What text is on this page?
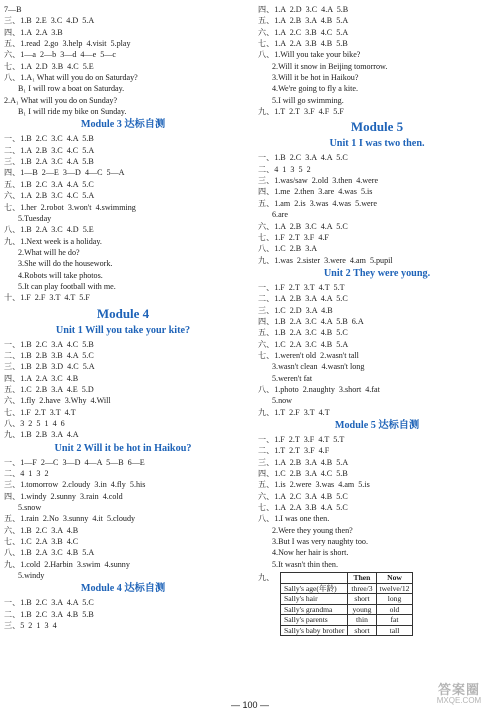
7—B
三、1.B  2.E  3.C  4.D  5.A
四、1.A  2.A  3.B
五、1.read  2.go  3.help  4.visit  5.play
六、1—a  2—b  3—d  4—e  5—c
七、1.A  2.D  3.B  4.C  5.E
八、1.A₁ What will you do on Saturday?
B₁ I will row a boat on Saturday.
2.A₁ What will you do on Sunday?
B₁ I will ride my bike on Sunday.
Module 3 达标自测
一、1.B  2.C  3.C  4.A  5.B
二、1.A  2.B  3.C  4.C  5.A
三、1.B  2.A  3.C  4.A  5.B
四、1—B  2—E  3—D  4—C  5—A
五、1.B  2.C  3.A  4.A  5.C
六、1.A  2.B  3.C  4.C  5.A
七、1.her  2.robot  3.won't  4.swimming
5.Tuesday
八、1.B  2.A  3.C  4.D  5.E
九、1.Next week is a holiday.
2.What will he do?
3.She will do the housework.
4.Robots will take photos.
5.It can play football with me.
十、1.F  2.F  3.T  4.T  5.F
Module 4
Unit 1 Will you take your kite?
一、1.B  2.C  3.A  4.C  5.B
二、1.B  2.B  3.B  4.A  5.C
三、1.B  2.B  3.D  4.C  5.A
四、1.A  2.A  3.C  4.B
五、1.C  2.B  3.A  4.E  5.D
六、1.fly  2.have  3.Why  4.Will
七、1.F  2.T  3.T  4.T
八、3  2  5  1  4  6
九、1.B  2.B  3.A  4.A
Unit 2 Will it be hot in Haikou?
一、1—F  2—C  3—D  4—A  5—B  6—E
二、4  1  3  2
三、1.tomorrow  2.cloudy  3.in  4.fly  5.his
四、1.windy  2.sunny  3.rain  4.cold
5.snow
五、1.rain  2.No  3.sunny  4.it  5.cloudy
六、1.B  2.C  3.A  4.B
七、1.C  2.A  3.B  4.C
八、1.B  2.A  3.C  4.B  5.A
九、1.cold  2.Harbin  3.swim  4.sunny
5.windy
Module 4 达标自测
一、1.B  2.C  3.A  4.A  5.C
二、1.B  2.C  3.A  4.B  5.B
三、5  2  1  3  4
四、1.A  2.D  3.C  4.A  5.B
五、1.A  2.B  3.A  4.B  5.A
六、1.A  2.C  3.B  4.C  5.A
七、1.A  2.A  3.B  4.B  5.B
八、1.Will you take your bike?
2.Will it snow in Beijing tomorrow.
3.Will it be hot in Haikou?
4.We're going to fly a kite.
5.I will go swimming.
九、1.T  2.T  3.F  4.F  5.F
Module 5
Unit 1 I was two then.
一、1.B  2.C  3.A  4.A  5.C
二、4  1  3  5  2
三、1.was/saw  2.old  3.then  4.were
四、1.me  2.then  3.are  4.was  5.is
五、1.am  2.is  3.was  4.was  5.were
6.are
六、1.A  2.B  3.C  4.A  5.C
七、1.F  2.T  3.F  4.F
八、1.C  2.B  3.A
九、1.was  2.sister  3.were  4.am  5.pupil
Unit 2 They were young.
一、1.F  2.T  3.T  4.T  5.T
二、1.A  2.B  3.A  4.A  5.C
三、1.C  2.D  3.A  4.B
四、1.B  2.A  3.C  4.A  5.B  6.A
五、1.B  2.A  3.C  4.B  5.C
六、1.C  2.A  3.C  4.B  5.A
七、1.weren't old  2.wasn't tall
3.wasn't clean  4.wasn't long
5.weren't fat
八、1.photo  2.naughty  3.short  4.fat
5.now
九、1.T  2.F  3.T  4.T
Module 5 达标自测
一、1.F  2.T  3.F  4.T  5.T
二、1.T  2.T  3.F  4.F
三、1.A  2.B  3.A  4.B  5.A
四、1.C  2.B  3.A  4.C  5.B
五、1.is  2.were  3.was  4.am  5.is
六、1.A  2.C  3.A  4.B  5.C
七、1.A  2.A  3.B  4.A  5.C
八、1.I was one then.
2.Were they young then?
3.But I was very naughty too.
4.Now her hair is short.
5.It wasn't thin then.
九、
		Then	Now
Sally's age(年龄)	three/3	twelve/12
Sally's hair	short	long
Sally's grandma	young	old
Sally's parents	thin	fat
Sally's baby brother	short	tall
— 100 —
答案圈
MXQE.COM
